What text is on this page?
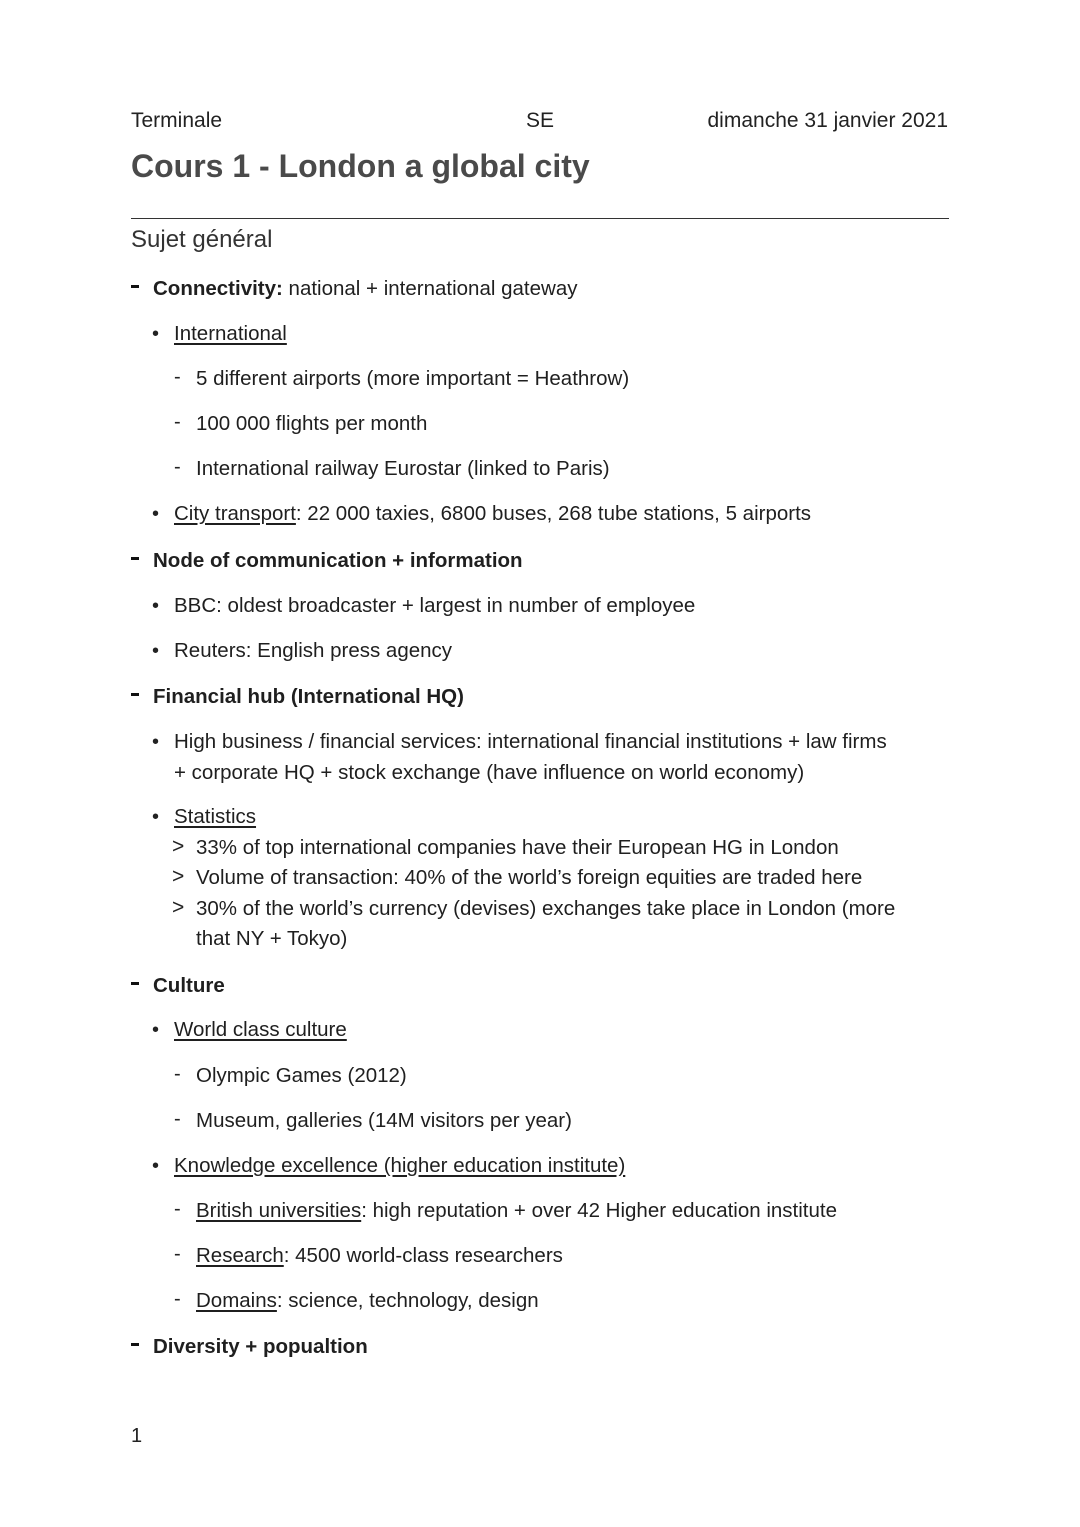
Terminale	SE	dimanche 31 janvier 2021
Cours 1 - London a global city
Sujet général
Connectivity: national + international gateway
• International
- 5 different airports (more important = Heathrow)
- 100 000 flights per month
- International railway Eurostar (linked to Paris)
• City transport: 22 000 taxies, 6800 buses, 268 tube stations, 5 airports
Node of communication + information
• BBC: oldest broadcaster + largest in number of employee
• Reuters: English press agency
Financial hub (International HQ)
• High business / financial services: international financial institutions + law firms
+ corporate HQ + stock exchange (have influence on world economy)
• Statistics
> 33% of top international companies have their European HG in London
> Volume of transaction: 40% of the world’s foreign equities are traded here
> 30% of the world’s currency (devises) exchanges take place in London (more
that NY + Tokyo)
Culture
• World class culture
- Olympic Games (2012)
- Museum, galleries (14M visitors per year)
• Knowledge excellence (higher education institute)
- British universities: high reputation + over 42 Higher education institute
- Research: 4500 world-class researchers
- Domains: science, technology, design
Diversity + popualtion
1
